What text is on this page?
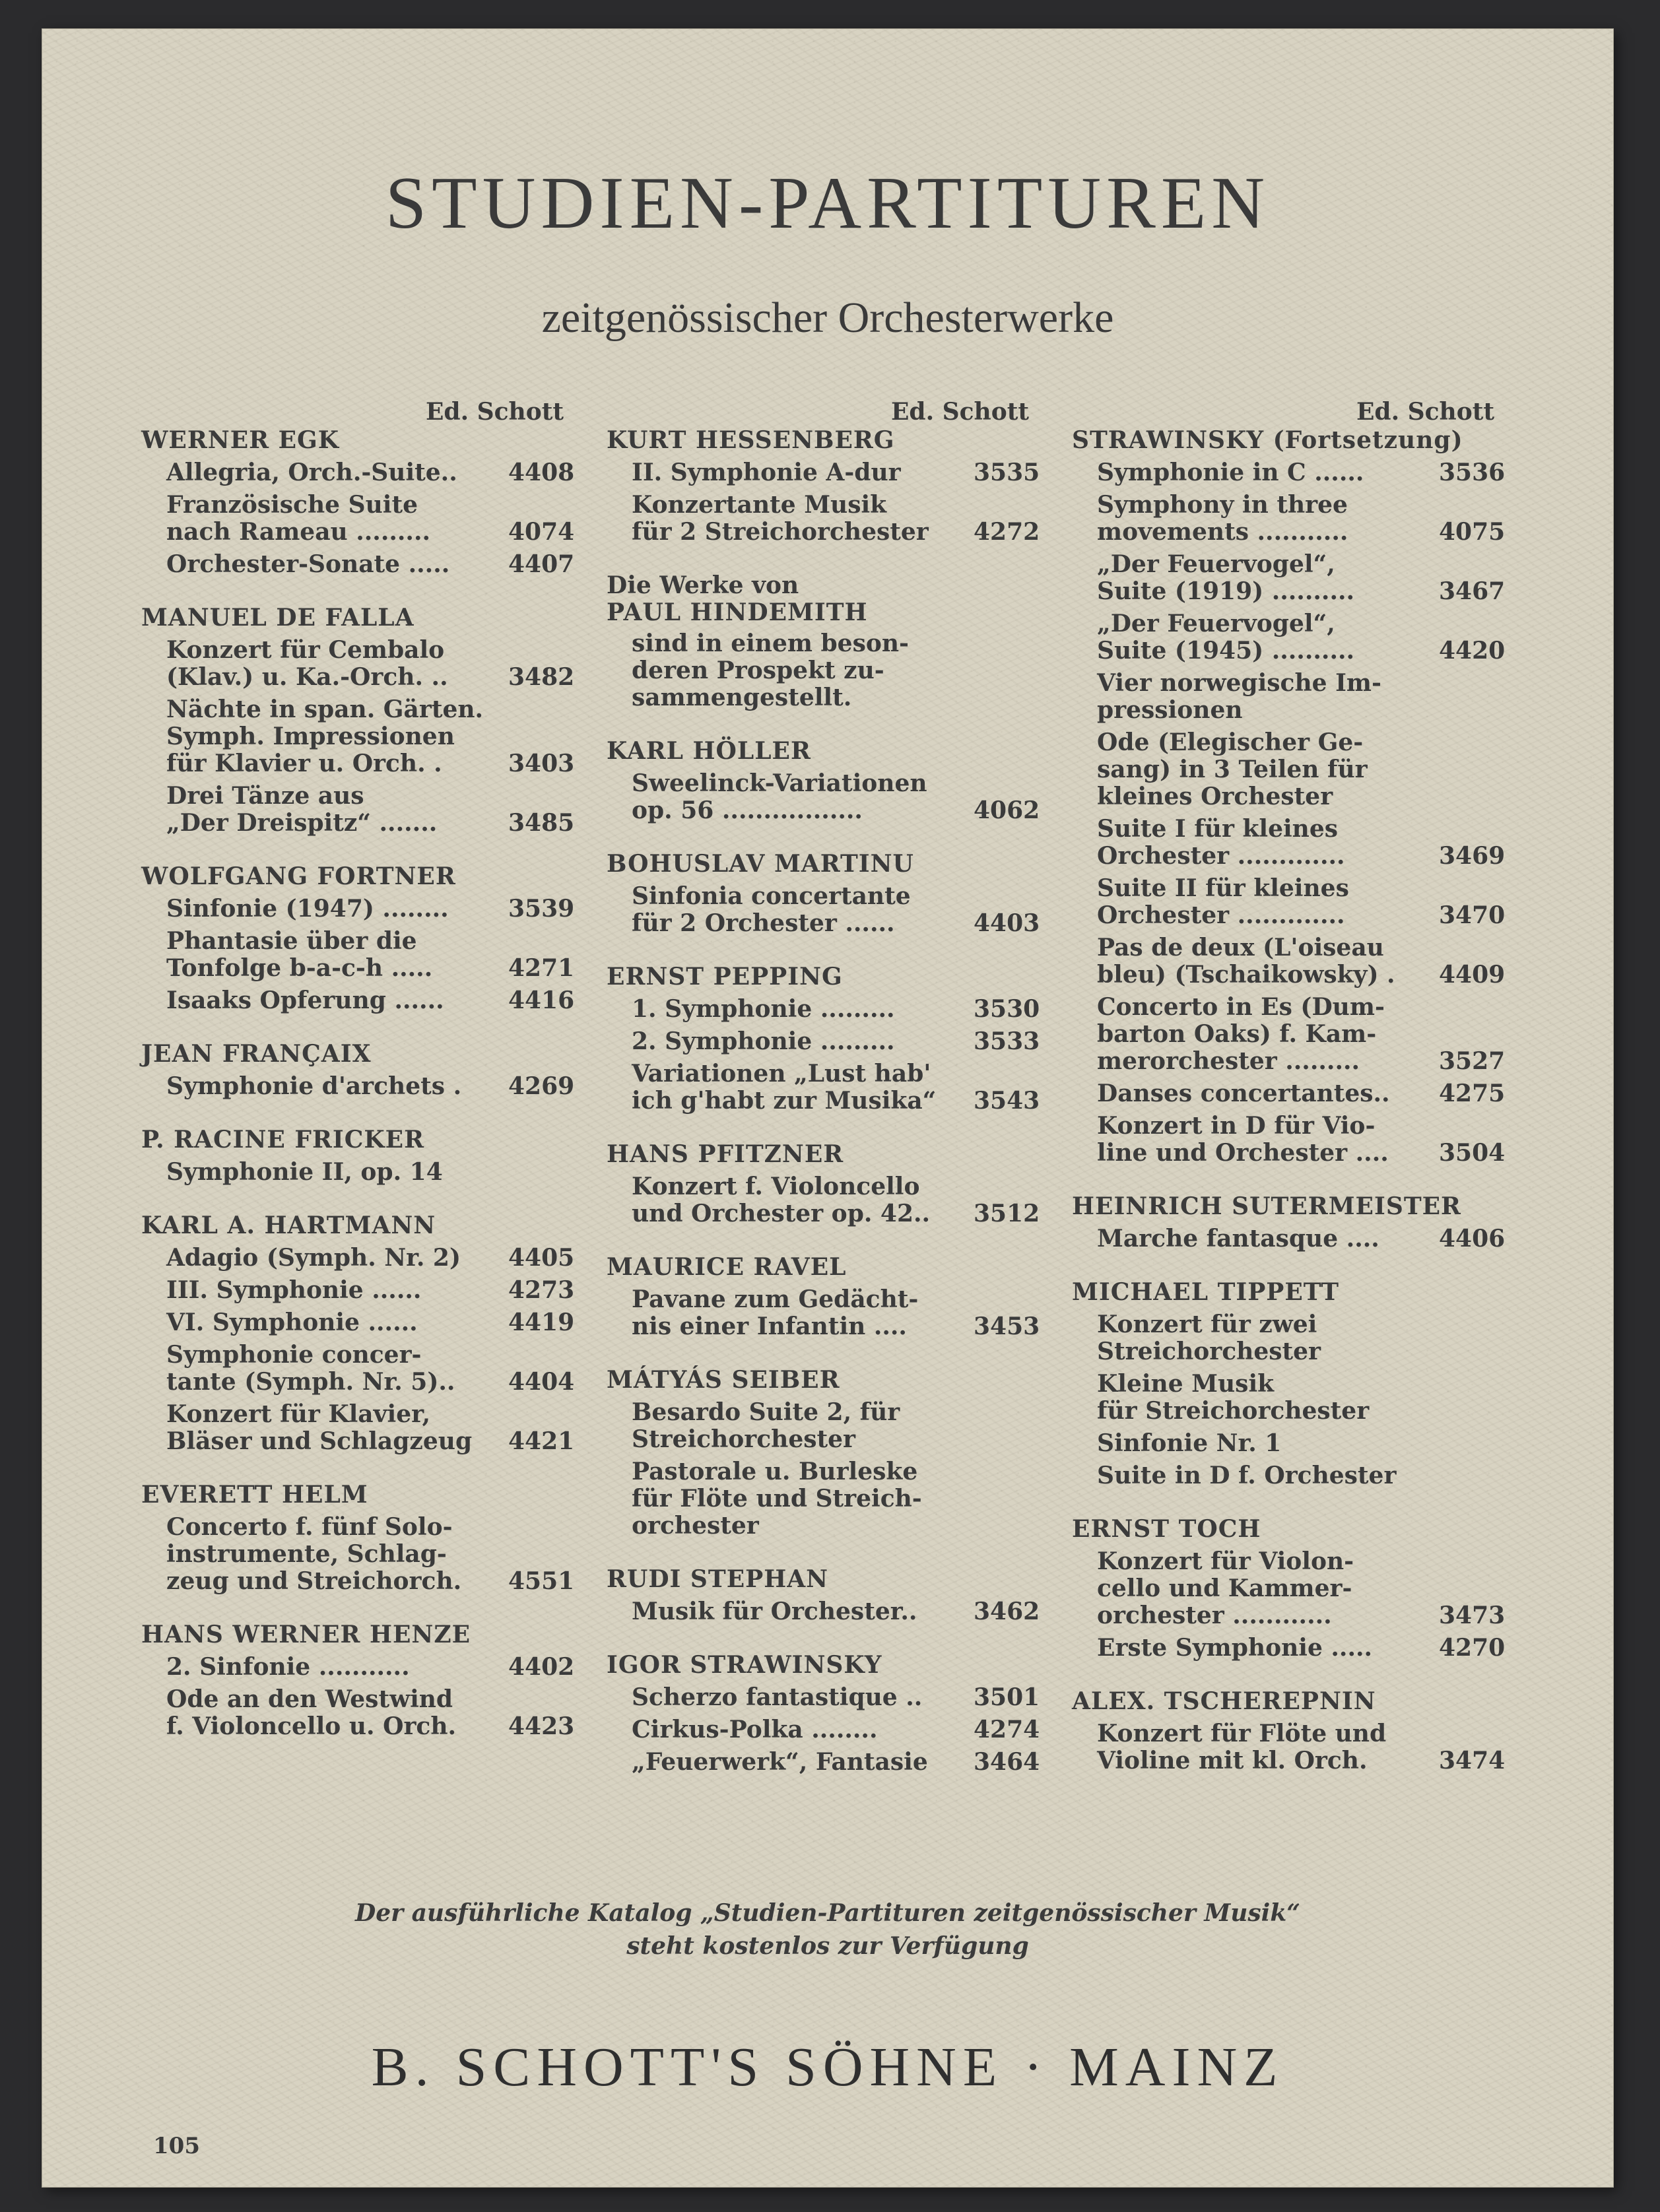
STUDIEN-PARTITUREN
zeitgenössischer Orchesterwerke
Ed. Schott
WERNER EGK
Allegria, Orch.-Suite..	4408
Französische Suite
nach Rameau .........	4074
Orchester-Sonate .....	4407
MANUEL DE FALLA
Konzert für Cembalo
(Klav.) u. Ka.-Orch. ..	3482
Nächte in span. Gärten.
Symph. Impressionen
für Klavier u. Orch. .	3403
Drei Tänze aus
„Der Dreispitz“ .......	3485
WOLFGANG FORTNER
Sinfonie (1947) ........	3539
Phantasie über die
Tonfolge b-a-c-h .....	4271
Isaaks Opferung ......	4416
JEAN FRANÇAIX
Symphonie d'archets .	4269
P. RACINE FRICKER
Symphonie II, op. 14
KARL A. HARTMANN
Adagio (Symph. Nr. 2)	4405
III. Symphonie ......	4273
VI. Symphonie ......	4419
Symphonie concer-
tante (Symph. Nr. 5)..	4404
Konzert für Klavier,
Bläser und Schlagzeug	4421
EVERETT HELM
Concerto f. fünf Solo-
instrumente, Schlag-
zeug und Streichorch.	4551
HANS WERNER HENZE
2. Sinfonie ...........	4402
Ode an den Westwind
f. Violoncello u. Orch.	4423
Ed. Schott
KURT HESSENBERG
II. Symphonie A-dur	3535
Konzertante Musik
für 2 Streichorchester	4272
Die Werke von
PAUL HINDEMITH
sind in einem beson-
deren Prospekt zu-
sammengestellt.
KARL HÖLLER
Sweelinck-Variationen
op. 56 .................	4062
BOHUSLAV MARTINU
Sinfonia concertante
für 2 Orchester ......	4403
ERNST PEPPING
1. Symphonie .........	3530
2. Symphonie .........	3533
Variationen „Lust hab'
ich g'habt zur Musika“	3543
HANS PFITZNER
Konzert f. Violoncello
und Orchester op. 42..	3512
MAURICE RAVEL
Pavane zum Gedächt-
nis einer Infantin ....	3453
MÁTYÁS SEIBER
Besardo Suite 2, für
Streichorchester
Pastorale u. Burleske
für Flöte und Streich-
orchester
RUDI STEPHAN
Musik für Orchester..	3462
IGOR STRAWINSKY
Scherzo fantastique ..	3501
Cirkus-Polka ........	4274
„Feuerwerk“, Fantasie	3464
Ed. Schott
STRAWINSKY (Fortsetzung)
Symphonie in C ......	3536
Symphony in three
movements ...........	4075
„Der Feuervogel“,
Suite (1919) ..........	3467
„Der Feuervogel“,
Suite (1945) ..........	4420
Vier norwegische Im-
pressionen
Ode (Elegischer Ge-
sang) in 3 Teilen für
kleines Orchester
Suite I für kleines
Orchester .............	3469
Suite II für kleines
Orchester .............	3470
Pas de deux (L'oiseau
bleu) (Tschaikowsky) .	4409
Concerto in Es (Dum-
barton Oaks) f. Kam-
merorchester .........	3527
Danses concertantes..	4275
Konzert in D für Vio-
line und Orchester ....	3504
HEINRICH SUTERMEISTER
Marche fantasque ....	4406
MICHAEL TIPPETT
Konzert für zwei
Streichorchester
Kleine Musik
für Streichorchester
Sinfonie Nr. 1
Suite in D f. Orchester
ERNST TOCH
Konzert für Violon-
cello und Kammer-
orchester ............	3473
Erste Symphonie .....	4270
ALEX. TSCHEREPNIN
Konzert für Flöte und
Violine mit kl. Orch.	3474
Der ausführliche Katalog „Studien-Partituren zeitgenössischer Musik“
steht kostenlos zur Verfügung
B. SCHOTT'S SÖHNE · MAINZ
105
